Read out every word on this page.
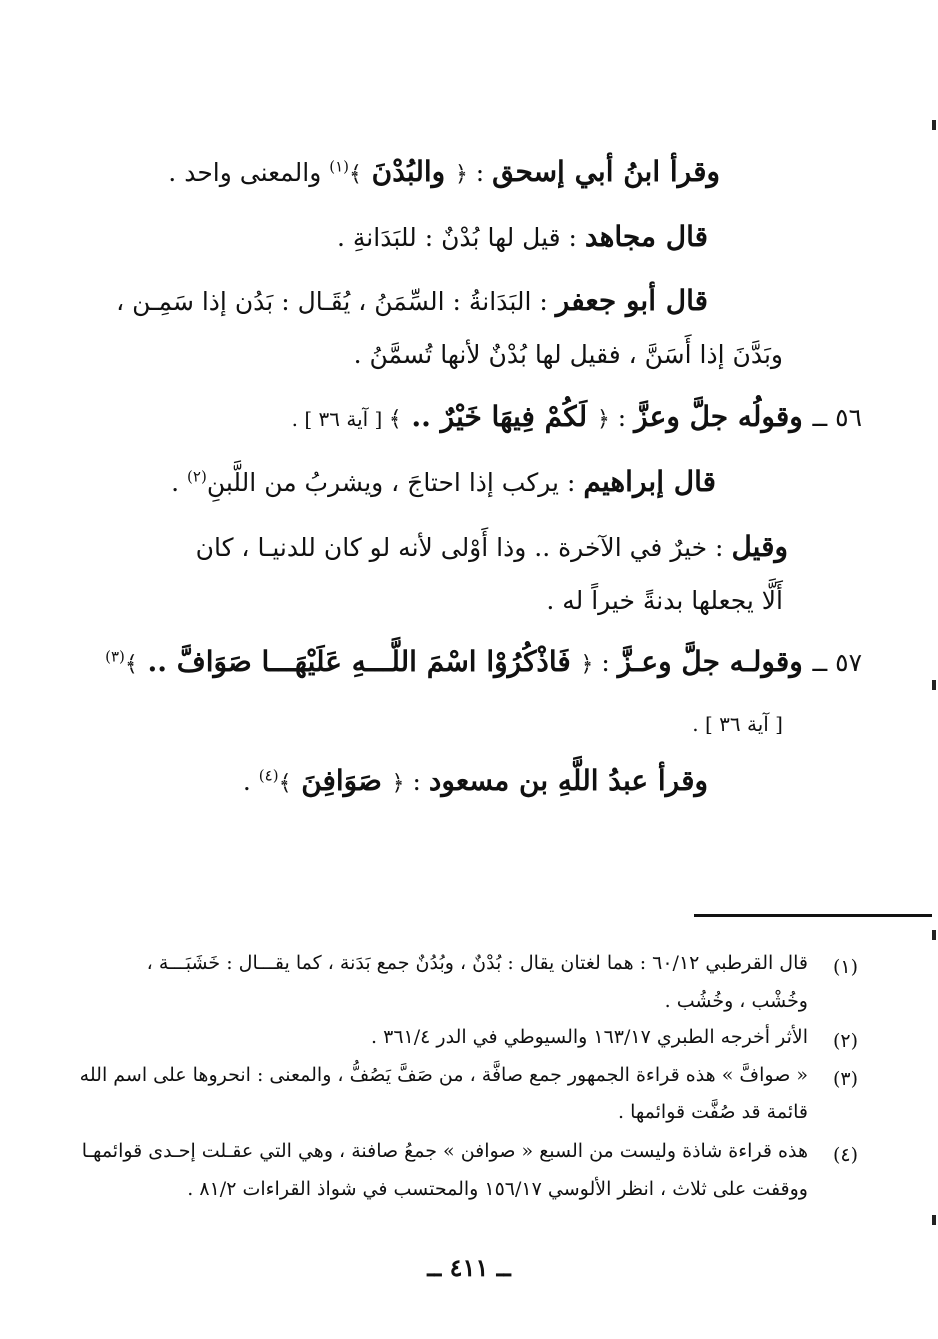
وقرأ ابنُ أبي إسحق : ﴿ والبُدْنَ ﴾$^{(١)}$ والمعنى واحد .
قال مجاهد : قيل لها بُدْنٌ : للبَدَانةِ .
قال أبو جعفر : البَدَانةُ : السِّمَنُ ، يُقَـال : بَدُن إذا سَمِـن ،
وبَدَّنَ إذا أَسَنَّ ، فقيل لها بُدْنٌ لأنها تُسمَّنُ .
٥٦ ــ وقولُه جلَّ وعزَّ : ﴿ لَكُمْ فِيهَا خَيْرٌ .. ﴾ [ آية ٣٦ ] .
قال إبراهيم : يركب إذا احتاجَ ، ويشربُ من اللَّبنِ$^{(٢)}$ .
وقيل : خيرٌ في الآخرة .. وذا أَوْلى لأنه لو كان للدنيـا ، كان
أَلَّا يجعلها بدنةً خيراً له .
٥٧ ــ وقولـه جلَّ وعـزَّ : ﴿ فَاذْكُرُوْا اسْمَ اللَّـــهِ عَلَيْهَـــا صَوَافَّ .. ﴾$^{(٣)}$
[ آية ٣٦ ] .
وقرأ عبدُ اللَّهِ بن مسعود : ﴿ صَوَافِنَ ﴾$^{(٤)}$ .
(١)
قال القرطبي ٦٠/١٢ : هما لغتان يقال : بُدْنٌ ، وبُدُنٌ جمع بَدَنة ، كما يقـــال : خَشَبَـــة ،
وخُشْب ، وخُشُب .
(٢)
الأثر أخرجه الطبري ١٦٣/١٧ والسيوطي في الدر ٣٦١/٤ .
(٣)
« صوافَّ » هذه قراءة الجمهور جمع صافَّة ، من صَفَّ يَصُفُّ ، والمعنى : انحروها على اسم الله
قائمة قد صُفَّت قوائمها .
(٤)
هذه قراءة شاذة وليست من السبع « صوافن » جمعُ صافنة ، وهي التي عقـلت إحـدى قوائمهـا
ووقفت على ثلاث ، انظر الألوسي ١٥٦/١٧ والمحتسب في شواذ القراءات ٨١/٢ .
ــ ٤١١ ــ
